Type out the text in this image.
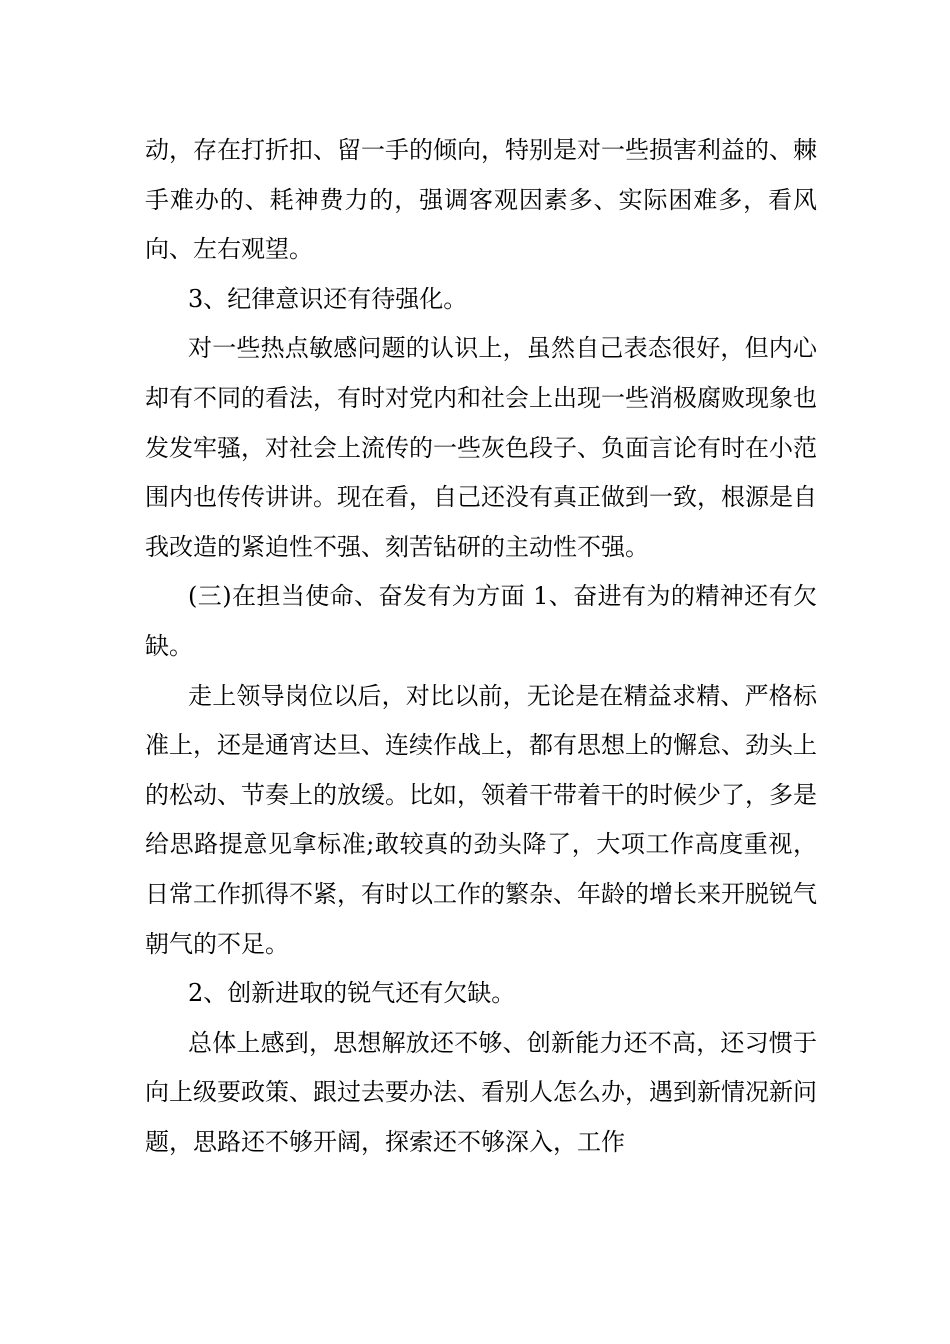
动，存在打折扣、留一手的倾向，特别是对一些损害利益的、棘手难办的、耗神费力的，强调客观因素多、实际困难多，看风向、左右观望。

3、纪律意识还有待强化。

对一些热点敏感问题的认识上，虽然自己表态很好，但内心却有不同的看法，有时对党内和社会上出现一些消极腐败现象也发发牢骚，对社会上流传的一些灰色段子、负面言论有时在小范围内也传传讲讲。现在看，自己还没有真正做到一致，根源是自我改造的紧迫性不强、刻苦钻研的主动性不强。

(三)在担当使命、奋发有为方面 1、奋进有为的精神还有欠缺。

走上领导岗位以后，对比以前，无论是在精益求精、严格标准上，还是通宵达旦、连续作战上，都有思想上的懈怠、劲头上的松动、节奏上的放缓。比如，领着干带着干的时候少了，多是给思路提意见拿标准;敢较真的劲头降了，大项工作高度重视，日常工作抓得不紧，有时以工作的繁杂、年龄的增长来开脱锐气朝气的不足。

2、创新进取的锐气还有欠缺。

总体上感到，思想解放还不够、创新能力还不高，还习惯于向上级要政策、跟过去要办法、看别人怎么办，遇到新情况新问题，思路还不够开阔，探索还不够深入，工作
